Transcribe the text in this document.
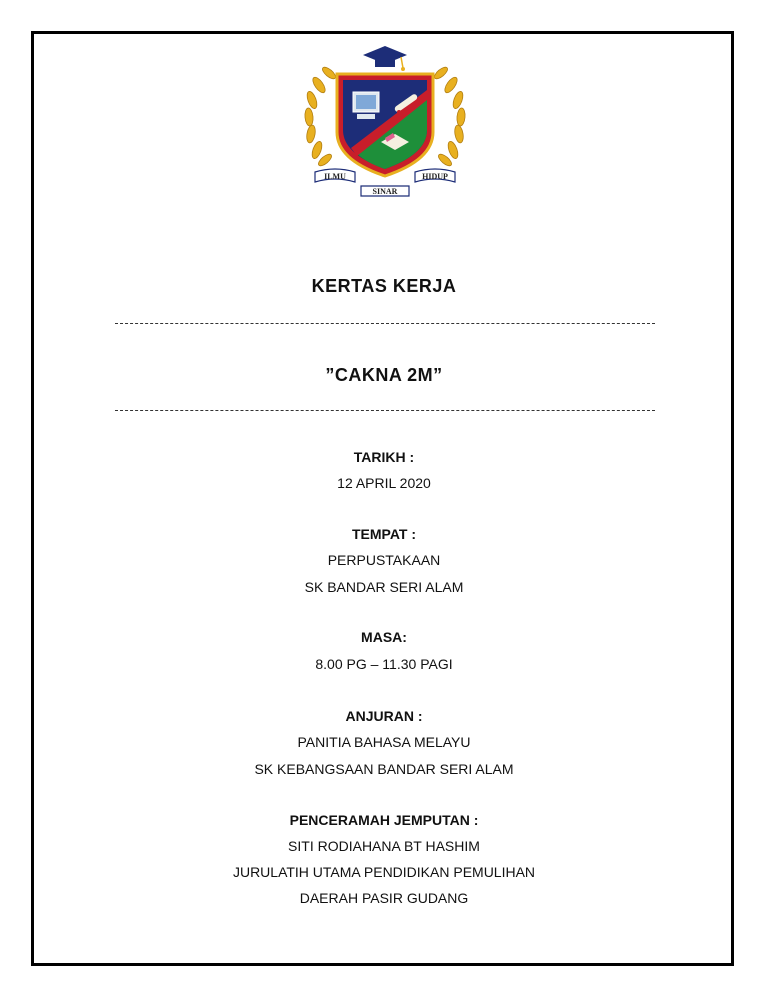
ILMU	HIDUP
SINAR
KERTAS KERJA
”CAKNA 2M”
TARIKH :
12 APRIL 2020
TEMPAT :
PERPUSTAKAAN
SK BANDAR SERI ALAM
MASA:
8.00 PG – 11.30 PAGI
ANJURAN :
PANITIA BAHASA MELAYU
SK KEBANGSAAN BANDAR SERI ALAM
PENCERAMAH JEMPUTAN :
SITI RODIAHANA BT HASHIM
JURULATIH UTAMA PENDIDIKAN PEMULIHAN
DAERAH PASIR GUDANG
